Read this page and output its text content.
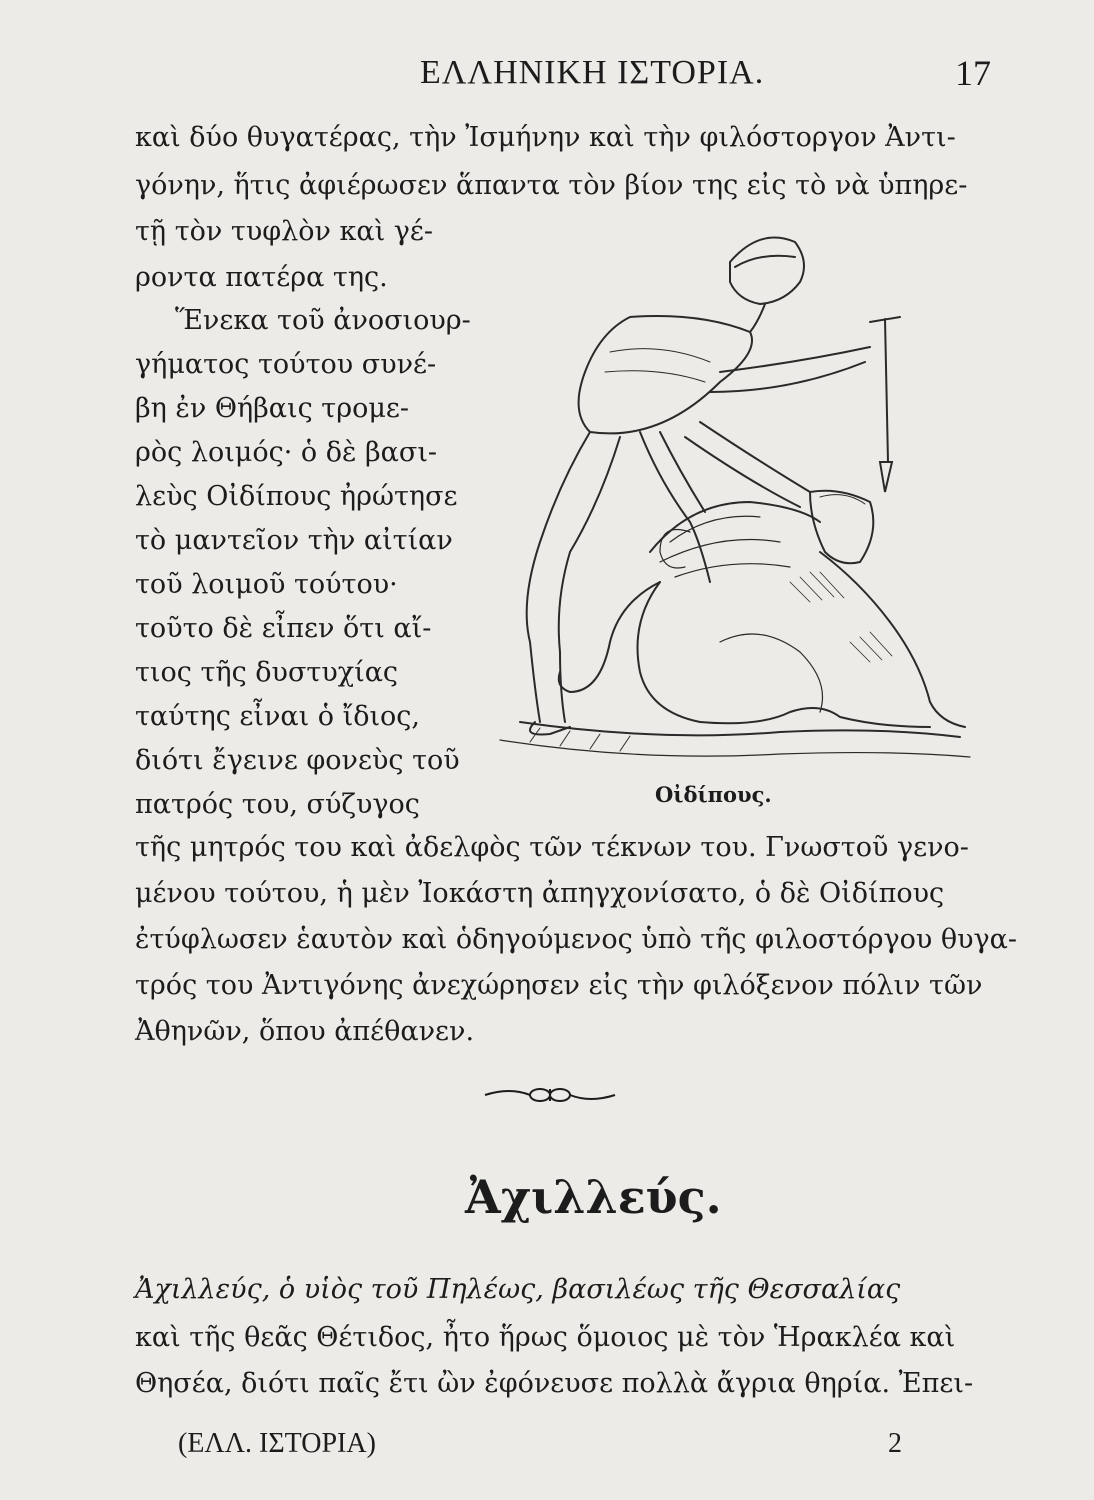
ΕΛΛΗΝΙΚΗ ΙΣΤΟΡΙΑ.	17
καὶ δύο θυγατέρας, τὴν Ἰσμήνην καὶ τὴν φιλόστοργον Ἀντι-
γόνην, ἥτις ἀφιέρωσεν ἅπαντα τὸν βίον της εἰς τὸ νὰ ὑπηρε-
τῇ τὸν τυφλὸν καὶ γέ-
ροντα πατέρα της.
Ἕνεκα τοῦ ἀνοσιουρ-
γήματος τούτου συνέ-
βη ἐν Θήβαις τρομε-
ρὸς λοιμός· ὁ δὲ βασι-
λεὺς Οἰδίπους ἠρώτησε
τὸ μαντεῖον τὴν αἰτίαν
τοῦ λοιμοῦ τούτου·
τοῦτο δὲ εἶπεν ὅτι αἴ-
τιος τῆς δυστυχίας
ταύτης εἶναι ὁ ἴδιος,
διότι ἔγεινε φονεὺς τοῦ
πατρός του, σύζυγος	Οἰδίπους.
τῆς μητρός του καὶ ἀδελφὸς τῶν τέκνων του. Γνωστοῦ γενο-
μένου τούτου, ἡ μὲν Ἰοκάστη ἀπηγχονίσατο, ὁ δὲ Οἰδίπους
ἐτύφλωσεν ἑαυτὸν καὶ ὁδηγούμενος ὑπὸ τῆς φιλοστόργου θυγα-
τρός του Ἀντιγόνης ἀνεχώρησεν εἰς τὴν φιλόξενον πόλιν τῶν
Ἀθηνῶν, ὅπου ἀπέθανεν.
Ἀχιλλεύς.
Ἀχιλλεύς, ὁ υἱὸς τοῦ Πηλέως, βασιλέως τῆς Θεσσαλίας
καὶ τῆς θεᾶς Θέτιδος, ἦτο ἥρως ὅμοιος μὲ τὸν Ἡρακλέα καὶ
Θησέα, διότι παῖς ἔτι ὢν ἐφόνευσε πολλὰ ἄγρια θηρία. Ἐπει-
(ΕΛΛ. ΙΣΤΟΡΙΑ)	2
